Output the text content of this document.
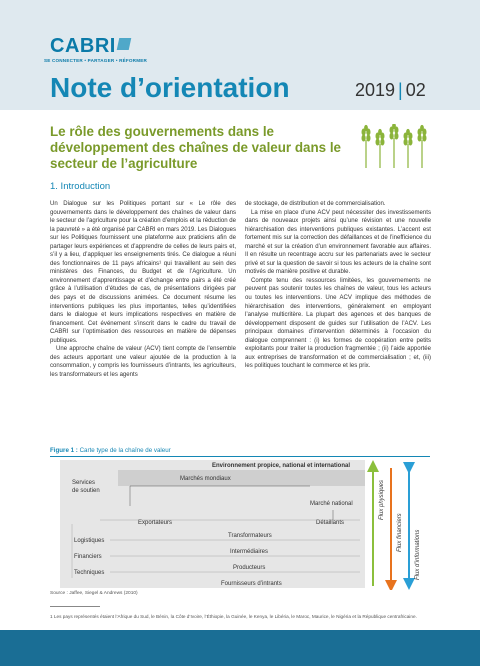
CABRI
SE CONNECTER • PARTAGER • RÉFORMER
Note d’orientation	2019 | 02
Le rôle des gouvernements dans le développement des chaînes de valeur dans le secteur de l’agriculture
1. Introduction

Un Dialogue sur les Politiques portant sur « Le rôle des gouvernements dans le développement des chaînes de valeur dans le secteur de l’agriculture pour la création d’emplois et la réduction de la pauvreté » a été organisé par CABRI en mars 2019. Les Dialogues sur les Politiques fournissent une plateforme aux praticiens afin de partager leurs expériences et d’apprendre de celles de leurs pairs et, s’il y a lieu, d’appliquer les enseignements tirés. Ce dialogue a réuni des fonctionnaires de 11 pays africains¹ qui travaillent au sein des ministères des Finances, du Budget et de l’Agriculture. Un environnement d’apprentissage et d’échange entre pairs a été créé grâce à l’utilisation d’études de cas, de présentations dirigées par des pays et de discussions animées. Ce document résume les interventions publiques les plus importantes, telles qu’identifiées dans le dialogue et leurs implications respectives en matière de financement. Cet événement s’inscrit dans le cadre du travail de CABRI sur l’optimisation des ressources en matière de dépenses publiques.

Une approche chaîne de valeur (ACV) tient compte de l’ensemble des acteurs apportant une valeur ajoutée de la production à la consommation, y compris les fournisseurs d’intrants, les agriculteurs, les transformateurs et les agents

de stockage, de distribution et de commercialisation.

La mise en place d’une ACV peut nécessiter des investissements dans de nouveaux projets ainsi qu’une révision et une nouvelle hiérarchisation des interventions publiques existantes. L’accent est fortement mis sur la correction des défaillances et de l’inefficience du marché et sur la création d’un environnement favorable aux affaires. Il en résulte un recentrage accru sur les partenariats avec le secteur privé et sur la question de savoir si tous les acteurs de la chaîne sont motivés de manière positive et durable.

Compte tenu des ressources limitées, les gouvernements ne peuvent pas soutenir toutes les chaînes de valeur, tous les acteurs ou toutes les interventions. Une ACV implique des méthodes de hiérarchisation des interventions, généralement en employant l’analyse multicritère. La plupart des agences et des banques de développement disposent de guides sur l’utilisation de l’ACV. Les principaux domaines d’intervention déterminés à l’occasion du dialogue comprennent : (i) les formes de coopération entre petits exploitants pour traiter la production fragmentée ; (ii) l’aide apportée aux entreprises de transformation et de commercialisation ; et, (iii) les politiques touchant le commerce et les prix.

Figure 1 : Carte type de la chaîne de valeur
Environnement propice, national et international
Marchés mondiaux
Marché national
Services
de soutien
Exportateurs	Détaillants
Logistiques
Financiers
Techniques
Transformateurs
Intermédiaires
Producteurs
Fournisseurs d’intrants
Flux physiques
Flux financiers Flux d’informations
Source : Jaffee, Siegel & Andrews (2010)
1 Les pays représentés étaient l’Afrique du Sud, le Bénin, la Côte d’Ivoire, l’Éthiopie, la Guinée, le Kenya, le Libéria, le Maroc, Maurice, le Nigéria et la République centrafricaine.
